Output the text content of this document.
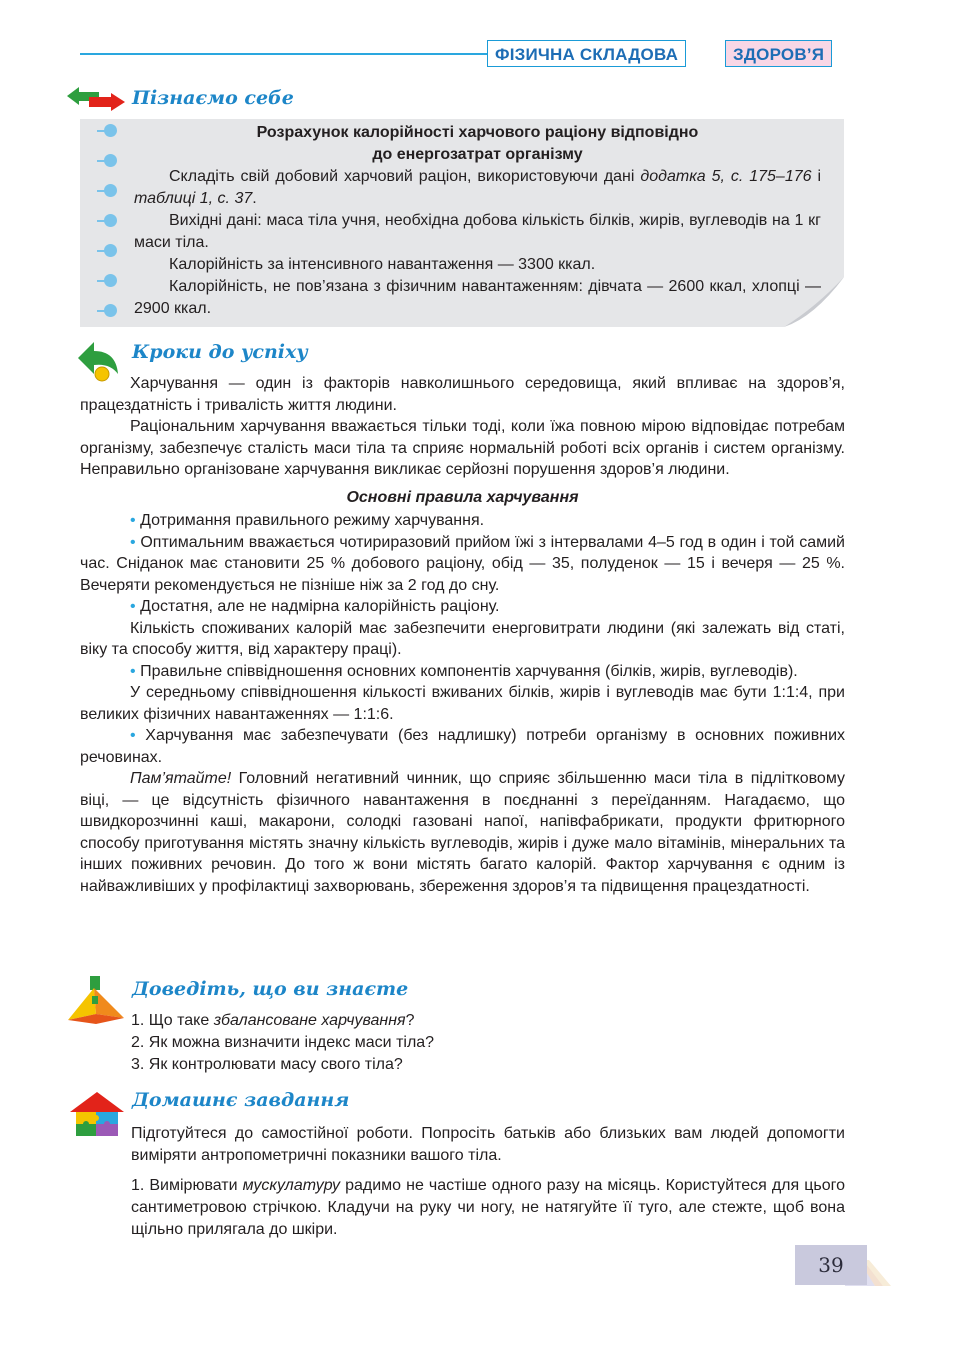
ФІЗИЧНА СКЛАДОВА	ЗДОРОВ’Я
Пізнаємо себе

Розрахунок калорійності харчового раціону відповідно

до енергозатрат організму

Складіть свій добовий харчовий раціон, використовуючи дані додатка 5, с. 175–176 і таблиці 1, с. 37.

Вихідні дані: маса тіла учня, необхідна добова кількість білків, жирів, вуглеводів на 1 кг маси тіла.

Калорійність за інтенсивного навантаження — 3300 ккал.

Калорійність, не пов’язана з фізичним навантаженням: дівчата — 2600 ккал, хлопці — 2900 ккал.

Кроки до успіху

Харчування — один із факторів навколишнього середовища, який впливає на здоров’я, працездатність і тривалість життя людини.

Раціональним харчування вважається тільки тоді, коли їжа повною мірою відповідає потребам організму, забезпечує сталість маси тіла та сприяє нормальній роботі всіх органів і систем організму. Неправильно організоване харчування викликає серйозні порушення здоров’я людини.

Основні правила харчування

• Дотримання правильного режиму харчування.

• Оптимальним вважається чотириразовий прийом їжі з інтервалами 4–5 год в один і той самий час. Сніданок має становити 25 % добового раціону, обід — 35, полуденок — 15 і вечеря — 25 %. Вечеряти рекомендується не пізніше ніж за 2 год до сну.

• Достатня, але не надмірна калорійність раціону.

Кількість споживаних калорій має забезпечити енерговитрати людини (які залежать від статі, віку та способу життя, від характеру праці).

• Правильне співвідношення основних компонентів харчування (білків, жирів, вуглеводів).

У середньому співвідношення кількості вживаних білків, жирів і вуглеводів має бути 1:1:4, при великих фізичних навантаженнях — 1:1:6.

• Харчування має забезпечувати (без надлишку) потреби організму в основних поживних речовинах.

Пам’ятайте! Головний негативний чинник, що сприяє збільшенню маси тіла в підлітковому віці, — це відсутність фізичного навантаження в поєднанні з переїданням. Нагадаємо, що швидкорозчинні каші, макарони, солодкі газовані напої, напівфабрикати, продукти фритюрного способу приготування містять значну кількість вуглеводів, жирів і дуже мало вітамінів, мінеральних та інших поживних речовин. До того ж вони містять багато калорій. Фактор харчування є одним із найважливіших у профілактиці захворювань, збереження здоров’я та підвищення працездатності.

Доведіть, що ви знаєте

1. Що таке збалансоване харчування?

2. Як можна визначити індекс маси тіла?

3. Як контролювати масу свого тіла?

Домашнє завдання

Підготуйтеся до самостійної роботи. Попросіть батьків або близьких вам людей допомогти виміряти антропометричні показники вашого тіла.

1. Вимірювати мускулатуру радимо не частіше одного разу на місяць. Користуйтеся для цього сантиметровою стрічкою. Кладучи на руку чи ногу, не натягуйте її туго, але стежте, щоб вона щільно прилягала до шкіри.

39
